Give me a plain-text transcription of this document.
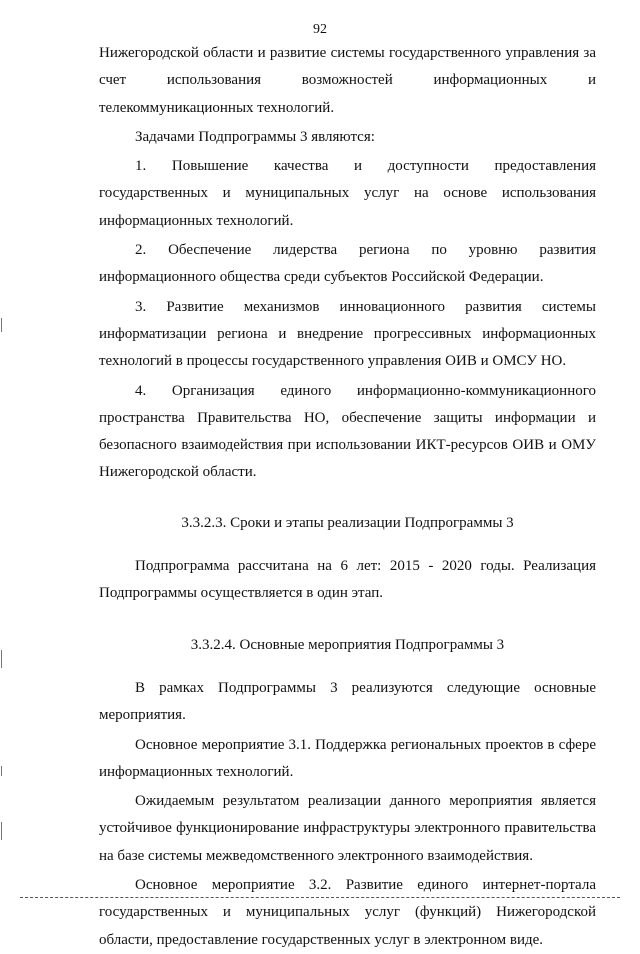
92

Нижегородской области и развитие системы государственного управления за счет использования возможностей информационных и телекоммуникационных технологий.

Задачами Подпрограммы 3 являются:

1. Повышение качества и доступности предоставления государственных и муниципальных услуг на основе использования информационных технологий.

2. Обеспечение лидерства региона по уровню развития информационного общества среди субъектов Российской Федерации.

3. Развитие механизмов инновационного развития системы информатизации региона и внедрение прогрессивных информационных технологий в процессы государственного управления ОИВ и ОМСУ НО.

4. Организация единого информационно-коммуникационного пространства Правительства НО, обеспечение защиты информации и безопасного взаимодействия при использовании ИКТ-ресурсов ОИВ и ОМУ Нижегородской области.

3.3.2.3. Сроки и этапы реализации Подпрограммы 3

Подпрограмма рассчитана на 6 лет: 2015 - 2020 годы. Реализация Подпрограммы осуществляется в один этап.

3.3.2.4. Основные мероприятия Подпрограммы 3

В рамках Подпрограммы 3 реализуются следующие основные мероприятия.

Основное мероприятие 3.1. Поддержка региональных проектов в сфере информационных технологий.

Ожидаемым результатом реализации данного мероприятия является устойчивое функционирование инфраструктуры электронного правительства на базе системы межведомственного электронного взаимодействия.

Основное мероприятие 3.2. Развитие единого интернет-портала государственных и муниципальных услуг (функций) Нижегородской области, предоставление государственных услуг в электронном виде.
